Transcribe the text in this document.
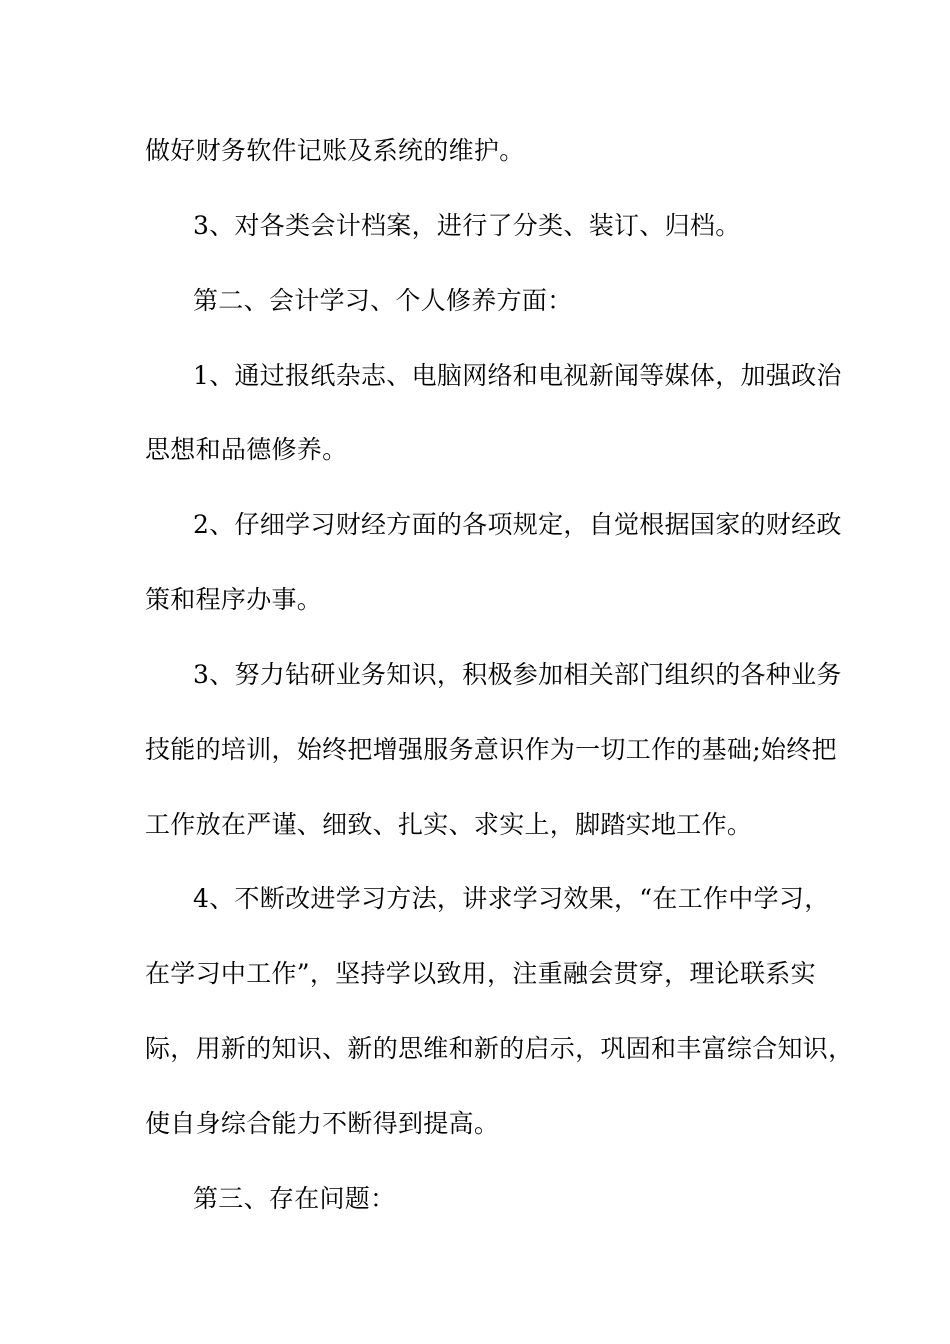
做好财务软件记账及系统的维护。
3、对各类会计档案，进行了分类、装订、归档。
第二、会计学习、个人修养方面：
1、通过报纸杂志、电脑网络和电视新闻等媒体，加强政治
思想和品德修养。
2、仔细学习财经方面的各项规定，自觉根据国家的财经政
策和程序办事。
3、努力钻研业务知识，积极参加相关部门组织的各种业务
技能的培训，始终把增强服务意识作为一切工作的基础;始终把
工作放在严谨、细致、扎实、求实上，脚踏实地工作。
4、不断改进学习方法，讲求学习效果，“在工作中学习，
在学习中工作”，坚持学以致用，注重融会贯穿，理论联系实
际，用新的知识、新的思维和新的启示，巩固和丰富综合知识，
使自身综合能力不断得到提高。
第三、存在问题：
